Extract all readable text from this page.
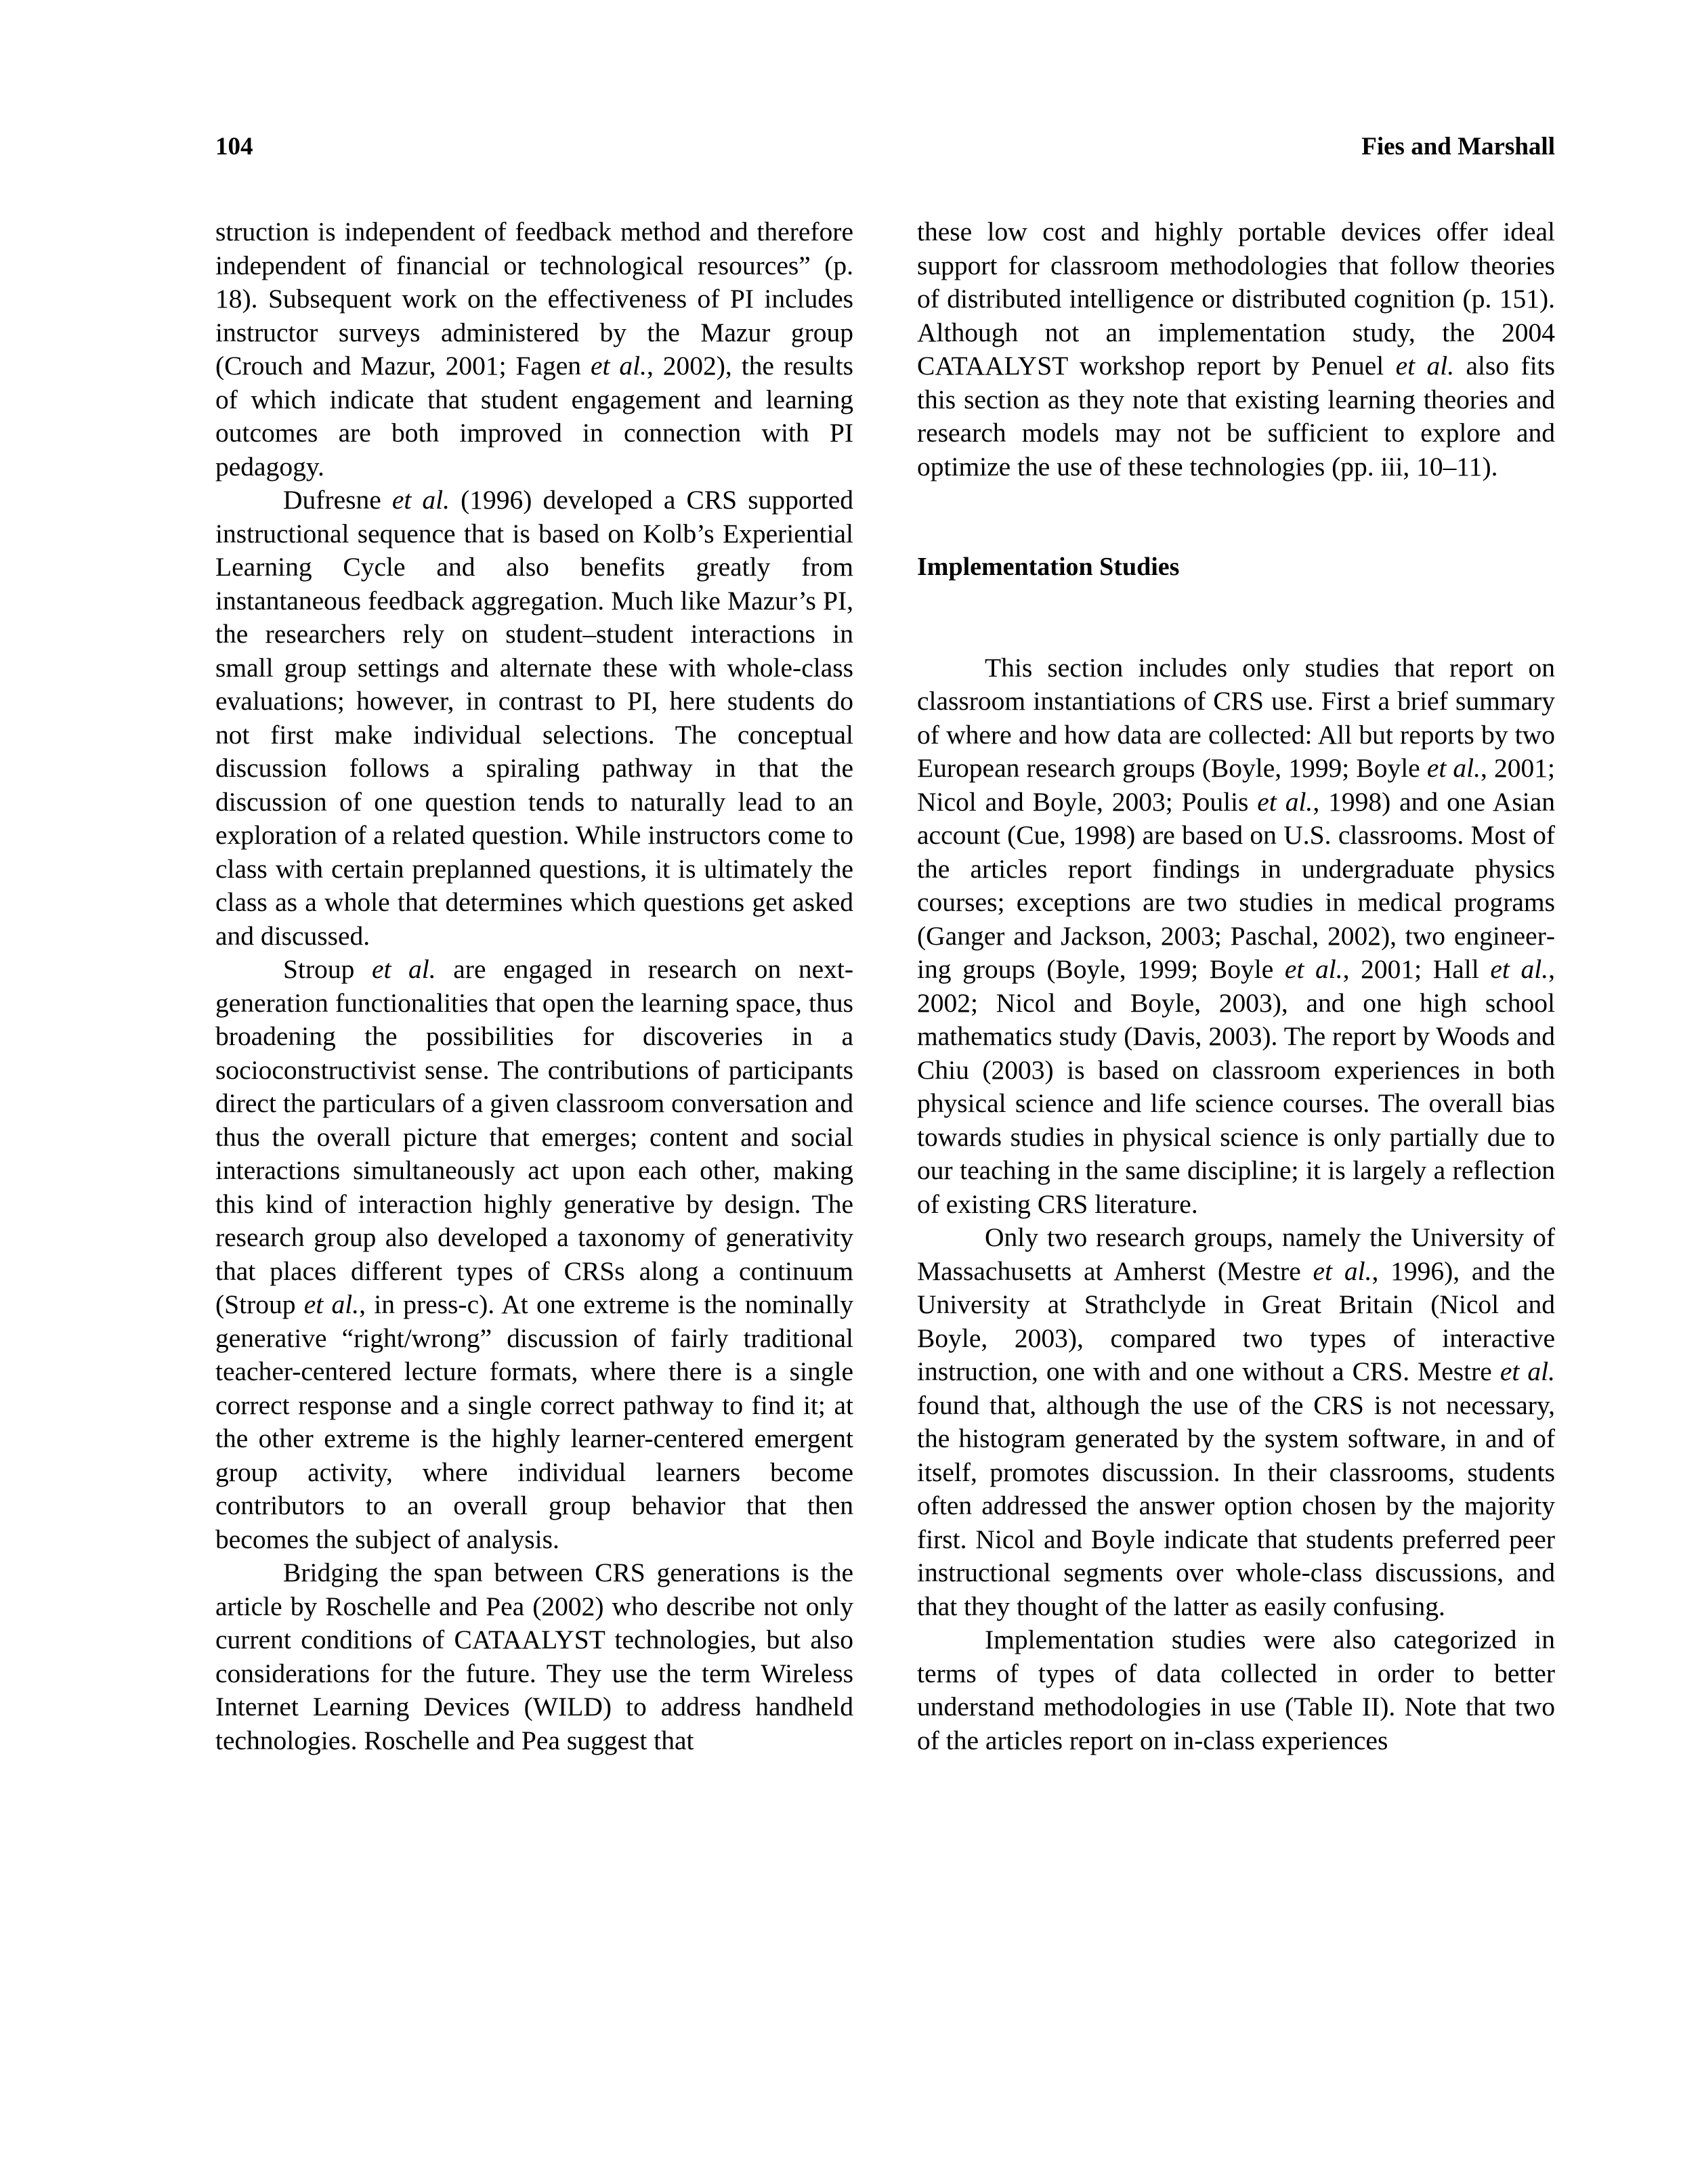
104	Fies and Marshall

struction is independent of feedback method and therefore independent of financial or technological resources” (p. 18). Subsequent work on the effectiveness of PI includes instructor surveys administered by the Mazur group (Crouch and Mazur, 2001; Fagen et al., 2002), the results of which indicate that student engagement and learning outcomes are both improved in connection with PI pedagogy.

Dufresne et al. (1996) developed a CRS supported instructional sequence that is based on Kolb’s Experiential Learning Cycle and also benefits greatly from instantaneous feedback aggregation. Much like Mazur’s PI, the researchers rely on student–student interactions in small group settings and alternate these with whole-class evaluations; however, in contrast to PI, here students do not first make individual selections. The conceptual discussion follows a spiraling pathway in that the discussion of one question tends to naturally lead to an exploration of a related question. While instructors come to class with certain preplanned questions, it is ultimately the class as a whole that determines which questions get asked and discussed.

Stroup et al. are engaged in research on next-generation functionalities that open the learning space, thus broadening the possibilities for discoveries in a socioconstructivist sense. The contributions of participants direct the particulars of a given classroom conversation and thus the overall picture that emerges; content and social interactions simultaneously act upon each other, making this kind of interaction highly generative by design. The research group also developed a taxonomy of generativity that places different types of CRSs along a continuum (Stroup et al., in press-c). At one extreme is the nominally generative “right/wrong” discussion of fairly traditional teacher-centered lecture formats, where there is a single correct response and a single correct pathway to find it; at the other extreme is the highly learner-centered emergent group activity, where individual learners become contributors to an overall group behavior that then becomes the subject of analysis.

Bridging the span between CRS generations is the article by Roschelle and Pea (2002) who describe not only current conditions of CATAALYST technologies, but also considerations for the future. They use the term Wireless Internet Learning Devices (WILD) to address handheld technologies. Roschelle and Pea suggest that

these low cost and highly portable devices offer ideal support for classroom methodologies that follow theories of distributed intelligence or distributed cognition (p. 151). Although not an implementation study, the 2004 CATAALYST workshop report by Penuel et al. also fits this section as they note that existing learning theories and research models may not be sufficient to explore and optimize the use of these technologies (pp. iii, 10–11).

Implementation Studies

This section includes only studies that report on classroom instantiations of CRS use. First a brief summary of where and how data are collected: All but reports by two European research groups (Boyle, 1999; Boyle et al., 2001; Nicol and Boyle, 2003; Poulis et al., 1998) and one Asian account (Cue, 1998) are based on U.S. classrooms. Most of the articles report findings in undergraduate physics courses; exceptions are two studies in medical programs (Ganger and Jackson, 2003; Paschal, 2002), two engineering groups (Boyle, 1999; Boyle et al., 2001; Hall et al., 2002; Nicol and Boyle, 2003), and one high school mathematics study (Davis, 2003). The report by Woods and Chiu (2003) is based on classroom experiences in both physical science and life science courses. The overall bias towards studies in physical science is only partially due to our teaching in the same discipline; it is largely a reflection of existing CRS literature.

Only two research groups, namely the University of Massachusetts at Amherst (Mestre et al., 1996), and the University at Strathclyde in Great Britain (Nicol and Boyle, 2003), compared two types of interactive instruction, one with and one without a CRS. Mestre et al. found that, although the use of the CRS is not necessary, the histogram generated by the system software, in and of itself, promotes discussion. In their classrooms, students often addressed the answer option chosen by the majority first. Nicol and Boyle indicate that students preferred peer instructional segments over whole-class discussions, and that they thought of the latter as easily confusing.

Implementation studies were also categorized in terms of types of data collected in order to better understand methodologies in use (Table II). Note that two of the articles report on in-class experiences
